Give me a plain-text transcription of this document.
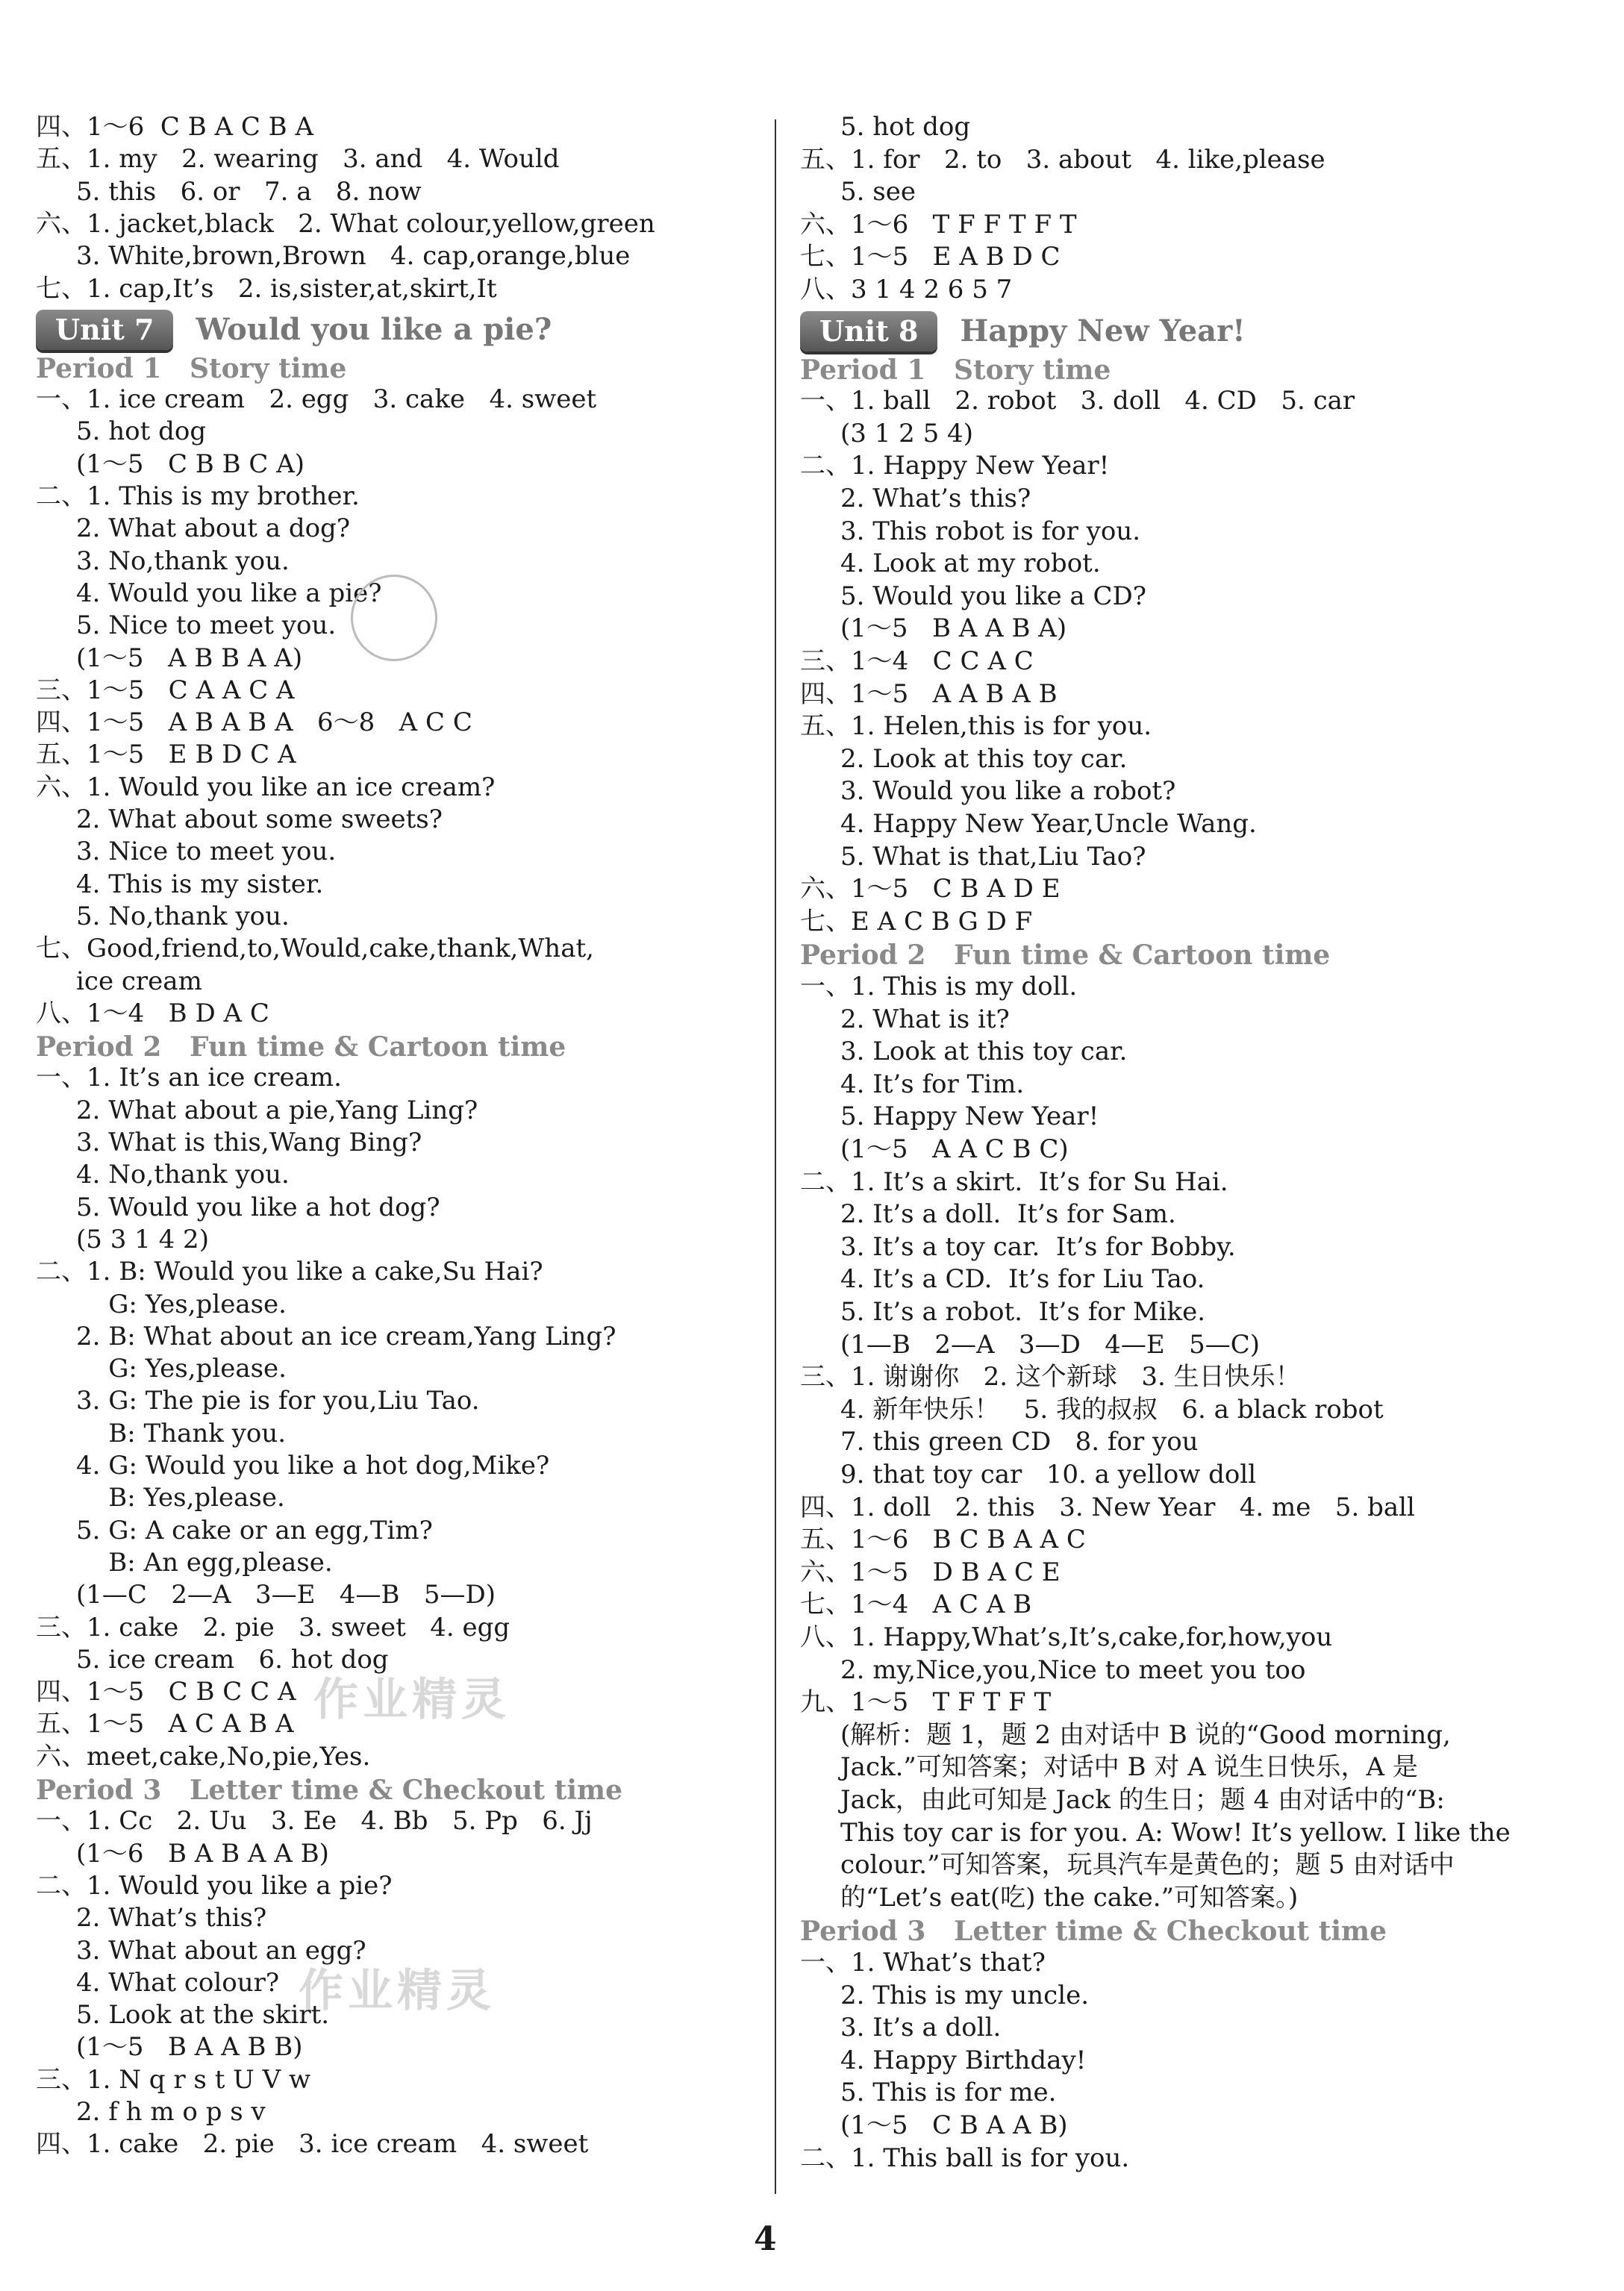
四、1～6  C B A C B A
五、1. my   2. wearing   3. and   4. Would
5. this   6. or   7. a   8. now
六、1. jacket,black   2. What colour,yellow,green
3. White,brown,Brown   4. cap,orange,blue
七、1. cap,It’s   2. is,sister,at,skirt,It
Unit 7	Would you like a pie?
Period 1   Story time
一、1. ice cream   2. egg   3. cake   4. sweet
5. hot dog
(1～5   C B B C A)
二、1. This is my brother.
2. What about a dog?
3. No,thank you.
4. Would you like a pie?
5. Nice to meet you.
(1～5   A B B A A)
三、1～5   C A A C A
四、1～5   A B A B A   6～8   A C C
五、1～5   E B D C A
六、1. Would you like an ice cream?
2. What about some sweets?
3. Nice to meet you.
4. This is my sister.
5. No,thank you.
七、Good,friend,to,Would,cake,thank,What,
ice cream
八、1～4   B D A C
Period 2   Fun time & Cartoon time
一、1. It’s an ice cream.
2. What about a pie,Yang Ling?
3. What is this,Wang Bing?
4. No,thank you.
5. Would you like a hot dog?
(5 3 1 4 2)
二、1. B: Would you like a cake,Su Hai?
G: Yes,please.
2. B: What about an ice cream,Yang Ling?
G: Yes,please.
3. G: The pie is for you,Liu Tao.
B: Thank you.
4. G: Would you like a hot dog,Mike?
B: Yes,please.
5. G: A cake or an egg,Tim?
B: An egg,please.
(1—C   2—A   3—E   4—B   5—D)
三、1. cake   2. pie   3. sweet   4. egg
5. ice cream   6. hot dog
四、1～5   C B C C A
五、1～5   A C A B A
六、meet,cake,No,pie,Yes.
Period 3   Letter time & Checkout time
一、1. Cc   2. Uu   3. Ee   4. Bb   5. Pp   6. Jj
(1～6   B A B A A B)
二、1. Would you like a pie?
2. What’s this?
3. What about an egg?
4. What colour?
5. Look at the skirt.
(1～5   B A A B B)
三、1. N q r s t U V w
2. f h m o p s v
四、1. cake   2. pie   3. ice cream   4. sweet
5. hot dog
五、1. for   2. to   3. about   4. like,please
5. see
六、1～6   T F F T F T
七、1～5   E A B D C
八、3 1 4 2 6 5 7
Unit 8	Happy New Year!
Period 1   Story time
一、1. ball   2. robot   3. doll   4. CD   5. car
(3 1 2 5 4)
二、1. Happy New Year!
2. What’s this?
3. This robot is for you.
4. Look at my robot.
5. Would you like a CD?
(1～5   B A A B A)
三、1～4   C C A C
四、1～5   A A B A B
五、1. Helen,this is for you.
2. Look at this toy car.
3. Would you like a robot?
4. Happy New Year,Uncle Wang.
5. What is that,Liu Tao?
六、1～5   C B A D E
七、E A C B G D F
Period 2   Fun time & Cartoon time
一、1. This is my doll.
2. What is it?
3. Look at this toy car.
4. It’s for Tim.
5. Happy New Year!
(1～5   A A C B C)
二、1. It’s a skirt.  It’s for Su Hai.
2. It’s a doll.  It’s for Sam.
3. It’s a toy car.  It’s for Bobby.
4. It’s a CD.  It’s for Liu Tao.
5. It’s a robot.  It’s for Mike.
(1—B   2—A   3—D   4—E   5—C)
三、1. 谢谢你   2. 这个新球   3. 生日快乐！
4. 新年快乐！   5. 我的叔叔   6. a black robot
7. this green CD   8. for you
9. that toy car   10. a yellow doll
四、1. doll   2. this   3. New Year   4. me   5. ball
五、1～6   B C B A A C
六、1～5   D B A C E
七、1～4   A C A B
八、1. Happy,What’s,It’s,cake,for,how,you
2. my,Nice,you,Nice to meet you too
九、1～5   T F T F T
(解析：题 1，题 2 由对话中 B 说的“Good morning,
Jack.”可知答案；对话中 B 对 A 说生日快乐，A 是
Jack，由此可知是 Jack 的生日；题 4 由对话中的“B:
This toy car is for you. A: Wow! It’s yellow. I like the
colour.”可知答案，玩具汽车是黄色的；题 5 由对话中
的“Let’s eat(吃) the cake.”可知答案。)
Period 3   Letter time & Checkout time
一、1. What’s that?
2. This is my uncle.
3. It’s a doll.
4. Happy Birthday!
5. This is for me.
(1～5   C B A A B)
二、1. This ball is for you.
作业精灵
作业精灵
4
